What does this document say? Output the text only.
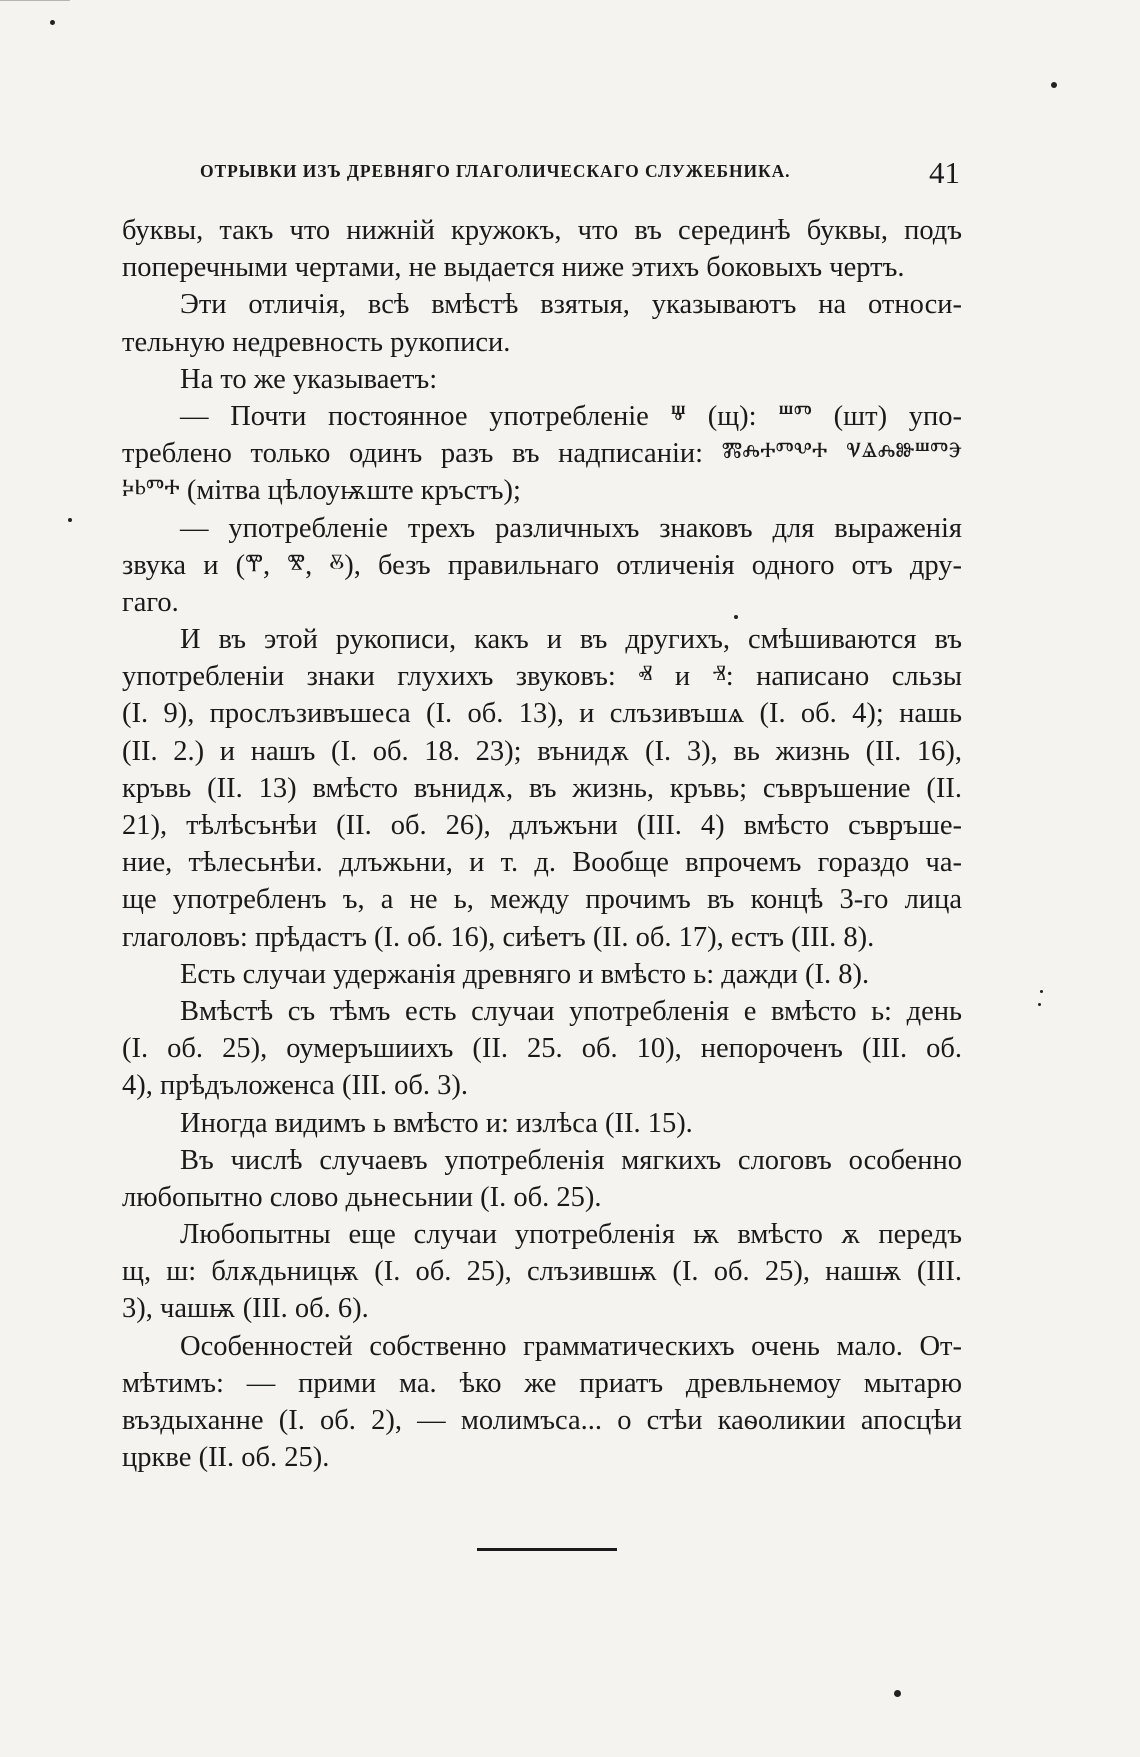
ОТРЫВКИ ИЗЪ ДРЕВНЯГО ГЛАГОЛИЧЕСКАГО СЛУЖЕБНИКА.	41
буквы, такъ что нижній кружокъ, что въ серединѣ буквы, подъ
поперечными чертами, не выдается ниже этихъ боковыхъ чертъ.
Эти отличія, всѣ вмѣстѣ взятыя, указываютъ на относи-
тельную недревность рукописи.
На то же указываетъ:
— Почти постоянное употребленіе ⱋ (щ): ⱎⱅ (шт) упо-
треблено только одинъ разъ въ надписаніи: ⰿⰾⰰⱅⰲⰰ ⱌⱑⰾⱆⱎⱅⰵ
ⰽⱃⱅⰰ (мітва цѣлоуѭште кръстъ);
— употребленіе трехъ различныхъ знаковъ для выраженія
звука и (ⰹ, ⰺ, ⰻ), безъ правильнаго отличенія одного отъ дру-
гаго.
И въ этой рукописи, какъ и въ другихъ, смѣшиваются въ
употребленіи знаки глухихъ звуковъ: ⱏ и ⱐ: написано сльзы
(І. 9), прослъзивъшеса (І. об. 13), и слъзивъшѧ (І. об. 4); нашь
(II. 2.) и нашъ (І. об. 18. 23); вънидѫ (І. 3), вь жизнь (II. 16),
кръвь (II. 13) вмѣсто вънидѫ, въ жизнь, кръвь; съвръшение (II.
21), тѣлѣсънѣи (II. об. 26), длъжъни (III. 4) вмѣсто съвръше-
ние, тѣлесьнѣи. длъжьни, и т. д. Вообще впрочемъ гораздо ча-
ще употребленъ ъ, а не ь, между прочимъ въ концѣ 3-го лица
глаголовъ: прѣдастъ (І. об. 16), сиѣетъ (II. об. 17), естъ (III. 8).
Есть случаи удержанія древняго и вмѣсто ь: дажди (І. 8).
Вмѣстѣ съ тѣмъ есть случаи употребленія е вмѣсто ь: день
(І. об. 25), оумеръшиихъ (II. 25. об. 10), непороченъ (III. об.
4), прѣдъложенса (III. об. 3).
Иногда видимъ ь вмѣсто и: излѣса (II. 15).
Въ числѣ случаевъ употребленія мягкихъ слоговъ особенно
любопытно слово дьнесьнии (І. об. 25).
Любопытны еще случаи употребленія ѭ вмѣсто ѫ передъ
щ, ш: блѫдьницѭ (І. об. 25), слъзившѭ (І. об. 25), нашѭ (III.
3), чашѭ (III. об. 6).
Особенностей собственно грамматическихъ очень мало. От-
мѣтимъ: — прими ма. ѣко же приатъ древльнемоу мытарю
въздыханне (І. об. 2), — молимъса... о стѣи каѳоликии апосцѣи
црквe (II. об. 25).
